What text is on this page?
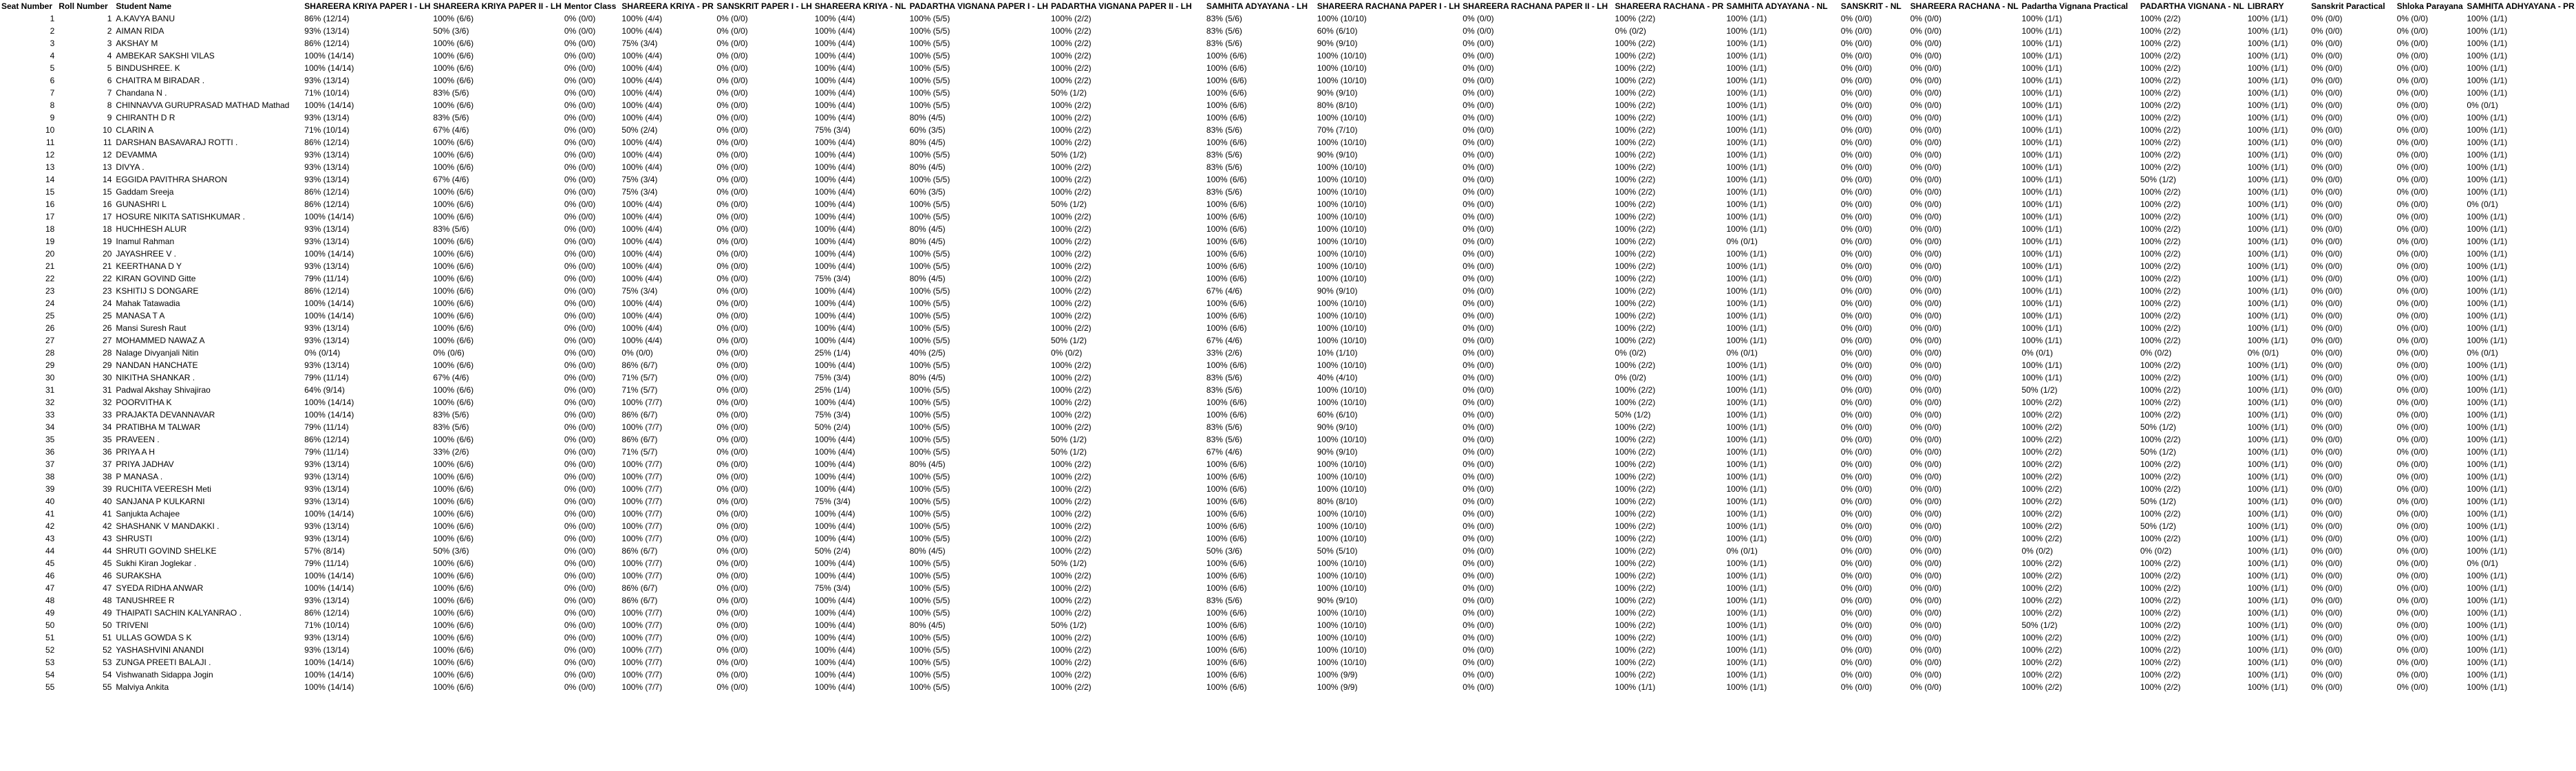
Seat Number	Roll Number	Student Name	SHAREERA KRIYA PAPER I - LH	SHAREERA KRIYA PAPER II - LH	Mentor Class	SHAREERA KRIYA - PR	SANSKRIT PAPER I - LH	SHAREERA KRIYA - NL	PADARTHA VIGNANA PAPER I - LH	PADARTHA VIGNANA PAPER II - LH	SAMHITA ADYAYANA - LH	SHAREERA RACHANA PAPER I - LH	SHAREERA RACHANA PAPER II - LH	SHAREERA RACHANA - PR	SAMHITA ADYAYANA - NL	SANSKRIT - NL	SHAREERA RACHANA - NL	Padartha Vignana Practical	PADARTHA VIGNANA - NL	LIBRARY	Sanskrit Paractical	Shloka Parayana	SAMHITA ADHYAYANA - PR
1	1	A.KAVYA BANU	86% (12/14)	100% (6/6)	0% (0/0)	100% (4/4)	0% (0/0)	100% (4/4)	100% (5/5)	100% (2/2)	83% (5/6)	100% (10/10)	0% (0/0)	100% (2/2)	100% (1/1)	0% (0/0)	0% (0/0)	100% (1/1)	100% (2/2)	100% (1/1)	0% (0/0)	0% (0/0)	100% (1/1)
2	2	AIMAN RIDA	93% (13/14)	50% (3/6)	0% (0/0)	100% (4/4)	0% (0/0)	100% (4/4)	100% (5/5)	100% (2/2)	83% (5/6)	60% (6/10)	0% (0/0)	0% (0/2)	100% (1/1)	0% (0/0)	0% (0/0)	100% (1/1)	100% (2/2)	100% (1/1)	0% (0/0)	0% (0/0)	100% (1/1)
3	3	AKSHAY M	86% (12/14)	100% (6/6)	0% (0/0)	75% (3/4)	0% (0/0)	100% (4/4)	100% (5/5)	100% (2/2)	83% (5/6)	90% (9/10)	0% (0/0)	100% (2/2)	100% (1/1)	0% (0/0)	0% (0/0)	100% (1/1)	100% (2/2)	100% (1/1)	0% (0/0)	0% (0/0)	100% (1/1)
4	4	AMBEKAR SAKSHI VILAS	100% (14/14)	100% (6/6)	0% (0/0)	100% (4/4)	0% (0/0)	100% (4/4)	100% (5/5)	100% (2/2)	100% (6/6)	100% (10/10)	0% (0/0)	100% (2/2)	100% (1/1)	0% (0/0)	0% (0/0)	100% (1/1)	100% (2/2)	100% (1/1)	0% (0/0)	0% (0/0)	100% (1/1)
5	5	BINDUSHREE. K	100% (14/14)	100% (6/6)	0% (0/0)	100% (4/4)	0% (0/0)	100% (4/4)	100% (5/5)	100% (2/2)	100% (6/6)	100% (10/10)	0% (0/0)	100% (2/2)	100% (1/1)	0% (0/0)	0% (0/0)	100% (1/1)	100% (2/2)	100% (1/1)	0% (0/0)	0% (0/0)	100% (1/1)
6	6	CHAITRA M BIRADAR .	93% (13/14)	100% (6/6)	0% (0/0)	100% (4/4)	0% (0/0)	100% (4/4)	100% (5/5)	100% (2/2)	100% (6/6)	100% (10/10)	0% (0/0)	100% (2/2)	100% (1/1)	0% (0/0)	0% (0/0)	100% (1/1)	100% (2/2)	100% (1/1)	0% (0/0)	0% (0/0)	100% (1/1)
7	7	Chandana N .	71% (10/14)	83% (5/6)	0% (0/0)	100% (4/4)	0% (0/0)	100% (4/4)	100% (5/5)	50% (1/2)	100% (6/6)	90% (9/10)	0% (0/0)	100% (2/2)	100% (1/1)	0% (0/0)	0% (0/0)	100% (1/1)	100% (2/2)	100% (1/1)	0% (0/0)	0% (0/0)	100% (1/1)
8	8	CHINNAVVA GURUPRASAD MATHAD Mathad	100% (14/14)	100% (6/6)	0% (0/0)	100% (4/4)	0% (0/0)	100% (4/4)	100% (5/5)	100% (2/2)	100% (6/6)	80% (8/10)	0% (0/0)	100% (2/2)	100% (1/1)	0% (0/0)	0% (0/0)	100% (1/1)	100% (2/2)	100% (1/1)	0% (0/0)	0% (0/0)	0% (0/1)
9	9	CHIRANTH D R	93% (13/14)	83% (5/6)	0% (0/0)	100% (4/4)	0% (0/0)	100% (4/4)	80% (4/5)	100% (2/2)	100% (6/6)	100% (10/10)	0% (0/0)	100% (2/2)	100% (1/1)	0% (0/0)	0% (0/0)	100% (1/1)	100% (2/2)	100% (1/1)	0% (0/0)	0% (0/0)	100% (1/1)
10	10	CLARIN A	71% (10/14)	67% (4/6)	0% (0/0)	50% (2/4)	0% (0/0)	75% (3/4)	60% (3/5)	100% (2/2)	83% (5/6)	70% (7/10)	0% (0/0)	100% (2/2)	100% (1/1)	0% (0/0)	0% (0/0)	100% (1/1)	100% (2/2)	100% (1/1)	0% (0/0)	0% (0/0)	100% (1/1)
11	11	DARSHAN BASAVARAJ ROTTI .	86% (12/14)	100% (6/6)	0% (0/0)	100% (4/4)	0% (0/0)	100% (4/4)	80% (4/5)	100% (2/2)	100% (6/6)	100% (10/10)	0% (0/0)	100% (2/2)	100% (1/1)	0% (0/0)	0% (0/0)	100% (1/1)	100% (2/2)	100% (1/1)	0% (0/0)	0% (0/0)	100% (1/1)
12	12	DEVAMMA	93% (13/14)	100% (6/6)	0% (0/0)	100% (4/4)	0% (0/0)	100% (4/4)	100% (5/5)	50% (1/2)	83% (5/6)	90% (9/10)	0% (0/0)	100% (2/2)	100% (1/1)	0% (0/0)	0% (0/0)	100% (1/1)	100% (2/2)	100% (1/1)	0% (0/0)	0% (0/0)	100% (1/1)
13	13	DIVYA .	93% (13/14)	100% (6/6)	0% (0/0)	100% (4/4)	0% (0/0)	100% (4/4)	80% (4/5)	100% (2/2)	83% (5/6)	100% (10/10)	0% (0/0)	100% (2/2)	100% (1/1)	0% (0/0)	0% (0/0)	100% (1/1)	100% (2/2)	100% (1/1)	0% (0/0)	0% (0/0)	100% (1/1)
14	14	EGGIDA PAVITHRA SHARON	93% (13/14)	67% (4/6)	0% (0/0)	75% (3/4)	0% (0/0)	100% (4/4)	100% (5/5)	100% (2/2)	100% (6/6)	100% (10/10)	0% (0/0)	100% (2/2)	100% (1/1)	0% (0/0)	0% (0/0)	100% (1/1)	50% (1/2)	100% (1/1)	0% (0/0)	0% (0/0)	100% (1/1)
15	15	Gaddam Sreeja	86% (12/14)	100% (6/6)	0% (0/0)	75% (3/4)	0% (0/0)	100% (4/4)	60% (3/5)	100% (2/2)	83% (5/6)	100% (10/10)	0% (0/0)	100% (2/2)	100% (1/1)	0% (0/0)	0% (0/0)	100% (1/1)	100% (2/2)	100% (1/1)	0% (0/0)	0% (0/0)	100% (1/1)
16	16	GUNASHRI L	86% (12/14)	100% (6/6)	0% (0/0)	100% (4/4)	0% (0/0)	100% (4/4)	100% (5/5)	50% (1/2)	100% (6/6)	100% (10/10)	0% (0/0)	100% (2/2)	100% (1/1)	0% (0/0)	0% (0/0)	100% (1/1)	100% (2/2)	100% (1/1)	0% (0/0)	0% (0/0)	0% (0/1)
17	17	HOSURE NIKITA SATISHKUMAR .	100% (14/14)	100% (6/6)	0% (0/0)	100% (4/4)	0% (0/0)	100% (4/4)	100% (5/5)	100% (2/2)	100% (6/6)	100% (10/10)	0% (0/0)	100% (2/2)	100% (1/1)	0% (0/0)	0% (0/0)	100% (1/1)	100% (2/2)	100% (1/1)	0% (0/0)	0% (0/0)	100% (1/1)
18	18	HUCHHESH ALUR	93% (13/14)	83% (5/6)	0% (0/0)	100% (4/4)	0% (0/0)	100% (4/4)	80% (4/5)	100% (2/2)	100% (6/6)	100% (10/10)	0% (0/0)	100% (2/2)	100% (1/1)	0% (0/0)	0% (0/0)	100% (1/1)	100% (2/2)	100% (1/1)	0% (0/0)	0% (0/0)	100% (1/1)
19	19	Inamul Rahman	93% (13/14)	100% (6/6)	0% (0/0)	100% (4/4)	0% (0/0)	100% (4/4)	80% (4/5)	100% (2/2)	100% (6/6)	100% (10/10)	0% (0/0)	100% (2/2)	0% (0/1)	0% (0/0)	0% (0/0)	100% (1/1)	100% (2/2)	100% (1/1)	0% (0/0)	0% (0/0)	100% (1/1)
20	20	JAYASHREE V .	100% (14/14)	100% (6/6)	0% (0/0)	100% (4/4)	0% (0/0)	100% (4/4)	100% (5/5)	100% (2/2)	100% (6/6)	100% (10/10)	0% (0/0)	100% (2/2)	100% (1/1)	0% (0/0)	0% (0/0)	100% (1/1)	100% (2/2)	100% (1/1)	0% (0/0)	0% (0/0)	100% (1/1)
21	21	KEERTHANA D Y	93% (13/14)	100% (6/6)	0% (0/0)	100% (4/4)	0% (0/0)	100% (4/4)	100% (5/5)	100% (2/2)	100% (6/6)	100% (10/10)	0% (0/0)	100% (2/2)	100% (1/1)	0% (0/0)	0% (0/0)	100% (1/1)	100% (2/2)	100% (1/1)	0% (0/0)	0% (0/0)	100% (1/1)
22	22	KIRAN GOVIND Gitte	79% (11/14)	100% (6/6)	0% (0/0)	100% (4/4)	0% (0/0)	75% (3/4)	80% (4/5)	100% (2/2)	100% (6/6)	100% (10/10)	0% (0/0)	100% (2/2)	100% (1/1)	0% (0/0)	0% (0/0)	100% (1/1)	100% (2/2)	100% (1/1)	0% (0/0)	0% (0/0)	100% (1/1)
23	23	KSHITIJ S DONGARE	86% (12/14)	100% (6/6)	0% (0/0)	75% (3/4)	0% (0/0)	100% (4/4)	100% (5/5)	100% (2/2)	67% (4/6)	90% (9/10)	0% (0/0)	100% (2/2)	100% (1/1)	0% (0/0)	0% (0/0)	100% (1/1)	100% (2/2)	100% (1/1)	0% (0/0)	0% (0/0)	100% (1/1)
24	24	Mahak Tatawadia	100% (14/14)	100% (6/6)	0% (0/0)	100% (4/4)	0% (0/0)	100% (4/4)	100% (5/5)	100% (2/2)	100% (6/6)	100% (10/10)	0% (0/0)	100% (2/2)	100% (1/1)	0% (0/0)	0% (0/0)	100% (1/1)	100% (2/2)	100% (1/1)	0% (0/0)	0% (0/0)	100% (1/1)
25	25	MANASA T A	100% (14/14)	100% (6/6)	0% (0/0)	100% (4/4)	0% (0/0)	100% (4/4)	100% (5/5)	100% (2/2)	100% (6/6)	100% (10/10)	0% (0/0)	100% (2/2)	100% (1/1)	0% (0/0)	0% (0/0)	100% (1/1)	100% (2/2)	100% (1/1)	0% (0/0)	0% (0/0)	100% (1/1)
26	26	Mansi Suresh Raut	93% (13/14)	100% (6/6)	0% (0/0)	100% (4/4)	0% (0/0)	100% (4/4)	100% (5/5)	100% (2/2)	100% (6/6)	100% (10/10)	0% (0/0)	100% (2/2)	100% (1/1)	0% (0/0)	0% (0/0)	100% (1/1)	100% (2/2)	100% (1/1)	0% (0/0)	0% (0/0)	100% (1/1)
27	27	MOHAMMED NAWAZ A	93% (13/14)	100% (6/6)	0% (0/0)	100% (4/4)	0% (0/0)	100% (4/4)	100% (5/5)	50% (1/2)	67% (4/6)	100% (10/10)	0% (0/0)	100% (2/2)	100% (1/1)	0% (0/0)	0% (0/0)	100% (1/1)	100% (2/2)	100% (1/1)	0% (0/0)	0% (0/0)	100% (1/1)
28	28	Nalage Divyanjali Nitin	0% (0/14)	0% (0/6)	0% (0/0)	0% (0/0)	0% (0/0)	25% (1/4)	40% (2/5)	0% (0/2)	33% (2/6)	10% (1/10)	0% (0/0)	0% (0/2)	0% (0/1)	0% (0/0)	0% (0/0)	0% (0/1)	0% (0/2)	0% (0/1)	0% (0/0)	0% (0/0)	0% (0/1)
29	29	NANDAN HANCHATE	93% (13/14)	100% (6/6)	0% (0/0)	86% (6/7)	0% (0/0)	100% (4/4)	100% (5/5)	100% (2/2)	100% (6/6)	100% (10/10)	0% (0/0)	100% (2/2)	100% (1/1)	0% (0/0)	0% (0/0)	100% (1/1)	100% (2/2)	100% (1/1)	0% (0/0)	0% (0/0)	100% (1/1)
30	30	NIKITHA SHANKAR .	79% (11/14)	67% (4/6)	0% (0/0)	71% (5/7)	0% (0/0)	75% (3/4)	80% (4/5)	100% (2/2)	83% (5/6)	40% (4/10)	0% (0/0)	0% (0/2)	100% (1/1)	0% (0/0)	0% (0/0)	100% (1/1)	100% (2/2)	100% (1/1)	0% (0/0)	0% (0/0)	100% (1/1)
31	31	Padwal Akshay Shivajirao	64% (9/14)	100% (6/6)	0% (0/0)	71% (5/7)	0% (0/0)	25% (1/4)	100% (5/5)	100% (2/2)	83% (5/6)	100% (10/10)	0% (0/0)	100% (2/2)	100% (1/1)	0% (0/0)	0% (0/0)	50% (1/2)	100% (2/2)	100% (1/1)	0% (0/0)	0% (0/0)	100% (1/1)
32	32	POORVITHA K	100% (14/14)	100% (6/6)	0% (0/0)	100% (7/7)	0% (0/0)	100% (4/4)	100% (5/5)	100% (2/2)	100% (6/6)	100% (10/10)	0% (0/0)	100% (2/2)	100% (1/1)	0% (0/0)	0% (0/0)	100% (2/2)	100% (2/2)	100% (1/1)	0% (0/0)	0% (0/0)	100% (1/1)
33	33	PRAJAKTA DEVANNAVAR	100% (14/14)	83% (5/6)	0% (0/0)	86% (6/7)	0% (0/0)	75% (3/4)	100% (5/5)	100% (2/2)	100% (6/6)	60% (6/10)	0% (0/0)	50% (1/2)	100% (1/1)	0% (0/0)	0% (0/0)	100% (2/2)	100% (2/2)	100% (1/1)	0% (0/0)	0% (0/0)	100% (1/1)
34	34	PRATIBHA M TALWAR	79% (11/14)	83% (5/6)	0% (0/0)	100% (7/7)	0% (0/0)	50% (2/4)	100% (5/5)	100% (2/2)	83% (5/6)	90% (9/10)	0% (0/0)	100% (2/2)	100% (1/1)	0% (0/0)	0% (0/0)	100% (2/2)	50% (1/2)	100% (1/1)	0% (0/0)	0% (0/0)	100% (1/1)
35	35	PRAVEEN .	86% (12/14)	100% (6/6)	0% (0/0)	86% (6/7)	0% (0/0)	100% (4/4)	100% (5/5)	50% (1/2)	83% (5/6)	100% (10/10)	0% (0/0)	100% (2/2)	100% (1/1)	0% (0/0)	0% (0/0)	100% (2/2)	100% (2/2)	100% (1/1)	0% (0/0)	0% (0/0)	100% (1/1)
36	36	PRIYA A H	79% (11/14)	33% (2/6)	0% (0/0)	71% (5/7)	0% (0/0)	100% (4/4)	100% (5/5)	50% (1/2)	67% (4/6)	90% (9/10)	0% (0/0)	100% (2/2)	100% (1/1)	0% (0/0)	0% (0/0)	100% (2/2)	50% (1/2)	100% (1/1)	0% (0/0)	0% (0/0)	100% (1/1)
37	37	PRIYA JADHAV	93% (13/14)	100% (6/6)	0% (0/0)	100% (7/7)	0% (0/0)	100% (4/4)	80% (4/5)	100% (2/2)	100% (6/6)	100% (10/10)	0% (0/0)	100% (2/2)	100% (1/1)	0% (0/0)	0% (0/0)	100% (2/2)	100% (2/2)	100% (1/1)	0% (0/0)	0% (0/0)	100% (1/1)
38	38	P MANASA .	93% (13/14)	100% (6/6)	0% (0/0)	100% (7/7)	0% (0/0)	100% (4/4)	100% (5/5)	100% (2/2)	100% (6/6)	100% (10/10)	0% (0/0)	100% (2/2)	100% (1/1)	0% (0/0)	0% (0/0)	100% (2/2)	100% (2/2)	100% (1/1)	0% (0/0)	0% (0/0)	100% (1/1)
39	39	RUCHITA VEERESH Meti	93% (13/14)	100% (6/6)	0% (0/0)	100% (7/7)	0% (0/0)	100% (4/4)	100% (5/5)	100% (2/2)	100% (6/6)	100% (10/10)	0% (0/0)	100% (2/2)	100% (1/1)	0% (0/0)	0% (0/0)	100% (2/2)	100% (2/2)	100% (1/1)	0% (0/0)	0% (0/0)	100% (1/1)
40	40	SANJANA P KULKARNI	93% (13/14)	100% (6/6)	0% (0/0)	100% (7/7)	0% (0/0)	75% (3/4)	100% (5/5)	100% (2/2)	100% (6/6)	80% (8/10)	0% (0/0)	100% (2/2)	100% (1/1)	0% (0/0)	0% (0/0)	100% (2/2)	50% (1/2)	100% (1/1)	0% (0/0)	0% (0/0)	100% (1/1)
41	41	Sanjukta Achajee	100% (14/14)	100% (6/6)	0% (0/0)	100% (7/7)	0% (0/0)	100% (4/4)	100% (5/5)	100% (2/2)	100% (6/6)	100% (10/10)	0% (0/0)	100% (2/2)	100% (1/1)	0% (0/0)	0% (0/0)	100% (2/2)	100% (2/2)	100% (1/1)	0% (0/0)	0% (0/0)	100% (1/1)
42	42	SHASHANK V MANDAKKI .	93% (13/14)	100% (6/6)	0% (0/0)	100% (7/7)	0% (0/0)	100% (4/4)	100% (5/5)	100% (2/2)	100% (6/6)	100% (10/10)	0% (0/0)	100% (2/2)	100% (1/1)	0% (0/0)	0% (0/0)	100% (2/2)	50% (1/2)	100% (1/1)	0% (0/0)	0% (0/0)	100% (1/1)
43	43	SHRUSTI	93% (13/14)	100% (6/6)	0% (0/0)	100% (7/7)	0% (0/0)	100% (4/4)	100% (5/5)	100% (2/2)	100% (6/6)	100% (10/10)	0% (0/0)	100% (2/2)	100% (1/1)	0% (0/0)	0% (0/0)	100% (2/2)	100% (2/2)	100% (1/1)	0% (0/0)	0% (0/0)	100% (1/1)
44	44	SHRUTI GOVIND SHELKE	57% (8/14)	50% (3/6)	0% (0/0)	86% (6/7)	0% (0/0)	50% (2/4)	80% (4/5)	100% (2/2)	50% (3/6)	50% (5/10)	0% (0/0)	100% (2/2)	0% (0/1)	0% (0/0)	0% (0/0)	0% (0/2)	0% (0/2)	100% (1/1)	0% (0/0)	0% (0/0)	100% (1/1)
45	45	Sukhi Kiran Joglekar .	79% (11/14)	100% (6/6)	0% (0/0)	100% (7/7)	0% (0/0)	100% (4/4)	100% (5/5)	50% (1/2)	100% (6/6)	100% (10/10)	0% (0/0)	100% (2/2)	100% (1/1)	0% (0/0)	0% (0/0)	100% (2/2)	100% (2/2)	100% (1/1)	0% (0/0)	0% (0/0)	0% (0/1)
46	46	SURAKSHA	100% (14/14)	100% (6/6)	0% (0/0)	100% (7/7)	0% (0/0)	100% (4/4)	100% (5/5)	100% (2/2)	100% (6/6)	100% (10/10)	0% (0/0)	100% (2/2)	100% (1/1)	0% (0/0)	0% (0/0)	100% (2/2)	100% (2/2)	100% (1/1)	0% (0/0)	0% (0/0)	100% (1/1)
47	47	SYEDA RIDHA ANWAR	100% (14/14)	100% (6/6)	0% (0/0)	86% (6/7)	0% (0/0)	75% (3/4)	100% (5/5)	100% (2/2)	100% (6/6)	100% (10/10)	0% (0/0)	100% (2/2)	100% (1/1)	0% (0/0)	0% (0/0)	100% (2/2)	100% (2/2)	100% (1/1)	0% (0/0)	0% (0/0)	100% (1/1)
48	48	TANUSHREE R	93% (13/14)	100% (6/6)	0% (0/0)	86% (6/7)	0% (0/0)	100% (4/4)	100% (5/5)	100% (2/2)	83% (5/6)	90% (9/10)	0% (0/0)	100% (2/2)	100% (1/1)	0% (0/0)	0% (0/0)	100% (2/2)	100% (2/2)	100% (1/1)	0% (0/0)	0% (0/0)	100% (1/1)
49	49	THAIPATI SACHIN KALYANRAO .	86% (12/14)	100% (6/6)	0% (0/0)	100% (7/7)	0% (0/0)	100% (4/4)	100% (5/5)	100% (2/2)	100% (6/6)	100% (10/10)	0% (0/0)	100% (2/2)	100% (1/1)	0% (0/0)	0% (0/0)	100% (2/2)	100% (2/2)	100% (1/1)	0% (0/0)	0% (0/0)	100% (1/1)
50	50	TRIVENI	71% (10/14)	100% (6/6)	0% (0/0)	100% (7/7)	0% (0/0)	100% (4/4)	80% (4/5)	50% (1/2)	100% (6/6)	100% (10/10)	0% (0/0)	100% (2/2)	100% (1/1)	0% (0/0)	0% (0/0)	50% (1/2)	100% (2/2)	100% (1/1)	0% (0/0)	0% (0/0)	100% (1/1)
51	51	ULLAS GOWDA S K	93% (13/14)	100% (6/6)	0% (0/0)	100% (7/7)	0% (0/0)	100% (4/4)	100% (5/5)	100% (2/2)	100% (6/6)	100% (10/10)	0% (0/0)	100% (2/2)	100% (1/1)	0% (0/0)	0% (0/0)	100% (2/2)	100% (2/2)	100% (1/1)	0% (0/0)	0% (0/0)	100% (1/1)
52	52	YASHASHVINI ANANDI	93% (13/14)	100% (6/6)	0% (0/0)	100% (7/7)	0% (0/0)	100% (4/4)	100% (5/5)	100% (2/2)	100% (6/6)	100% (10/10)	0% (0/0)	100% (2/2)	100% (1/1)	0% (0/0)	0% (0/0)	100% (2/2)	100% (2/2)	100% (1/1)	0% (0/0)	0% (0/0)	100% (1/1)
53	53	ZUNGA PREETI BALAJI .	100% (14/14)	100% (6/6)	0% (0/0)	100% (7/7)	0% (0/0)	100% (4/4)	100% (5/5)	100% (2/2)	100% (6/6)	100% (10/10)	0% (0/0)	100% (2/2)	100% (1/1)	0% (0/0)	0% (0/0)	100% (2/2)	100% (2/2)	100% (1/1)	0% (0/0)	0% (0/0)	100% (1/1)
54	54	Vishwanath Sidappa Jogin	100% (14/14)	100% (6/6)	0% (0/0)	100% (7/7)	0% (0/0)	100% (4/4)	100% (5/5)	100% (2/2)	100% (6/6)	100% (9/9)	0% (0/0)	100% (2/2)	100% (1/1)	0% (0/0)	0% (0/0)	100% (2/2)	100% (2/2)	100% (1/1)	0% (0/0)	0% (0/0)	100% (1/1)
55	55	Malviya Ankita	100% (14/14)	100% (6/6)	0% (0/0)	100% (7/7)	0% (0/0)	100% (4/4)	100% (5/5)	100% (2/2)	100% (6/6)	100% (9/9)	0% (0/0)	100% (1/1)	100% (1/1)	0% (0/0)	0% (0/0)	100% (2/2)	100% (2/2)	100% (1/1)	0% (0/0)	0% (0/0)	100% (1/1)
